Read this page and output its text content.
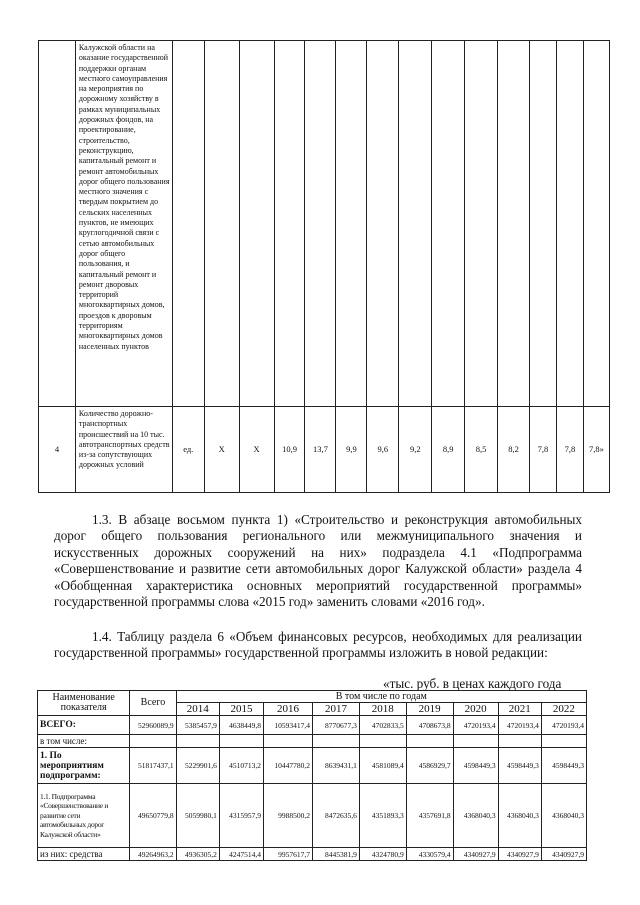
	Калужской области на оказание государственной поддержки органам местного самоуправления на мероприятия по дорожному хозяйству в рамках муниципальных дорожных фондов, на проектирование, строительство, реконструкцию, капитальный ремонт и ремонт автомобильных дорог общего пользования местного значения с твердым покрытием до сельских населенных пунктов, не имеющих круглогодичной связи с сетью автомобильных дорог общего пользования, и капитальный ремонт и ремонт дворовых территорий многоквартирных домов, проездов к дворовым территориям многоквартирных домов населенных пунктов														
4	Количество дорожно-транспортных происшествий на 10 тыс. автотранспортных средств из-за сопутствующих дорожных условий	ед.	Х	Х	10,9	13,7	9,9	9,6	9,2	8,9	8,5	8,2	7,8	7,8	7,8»

1.3. В абзаце восьмом пункта 1) «Строительство и реконструкция автомобильных дорог общего пользования регионального или межмуниципального значения и искусственных дорожных сооружений на них» подраздела 4.1 «Подпрограмма «Совершенствование и развитие сети автомобильных дорог Калужской области» раздела 4 «Обобщенная характеристика основных мероприятий государственной программы» государственной программы слова «2015 год» заменить словами «2016 год».

1.4. Таблицу раздела 6 «Объем финансовых ресурсов, необходимых для реализации государственной программы» государственной программы изложить в новой редакции:

«тыс. руб. в ценах каждого года

Наименование показателя	Всего	В том числе по годам								
		2014	2015	2016	2017	2018	2019	2020	2021	2022
ВСЕГО:	52960089,9	5385457,9	4638449,8	10593417,4	8770677,3	4702833,5	4708673,8	4720193,4	4720193,4	4720193,4
в том числе:										
1. По мероприятиям подпрограмм:	51817437,1	5229901,6	4510713,2	10447780,2	8639431,1	4581089,4	4586929,7	4598449,3	4598449,3	4598449,3
1.1. Подпрограмма «Совершенствование и развитие сети автомобильных дорог Калужской области»	49650779,8	5059980,1	4315957,9	9988500,2	8472635,6	4351893,3	4357691,8	4368040,3	4368040,3	4368040,3
из них: средства	49264963,2	4936305,2	4247514,4	9957617,7	8445381,9	4324780,9	4330579,4	4340927,9	4340927,9	4340927,9
